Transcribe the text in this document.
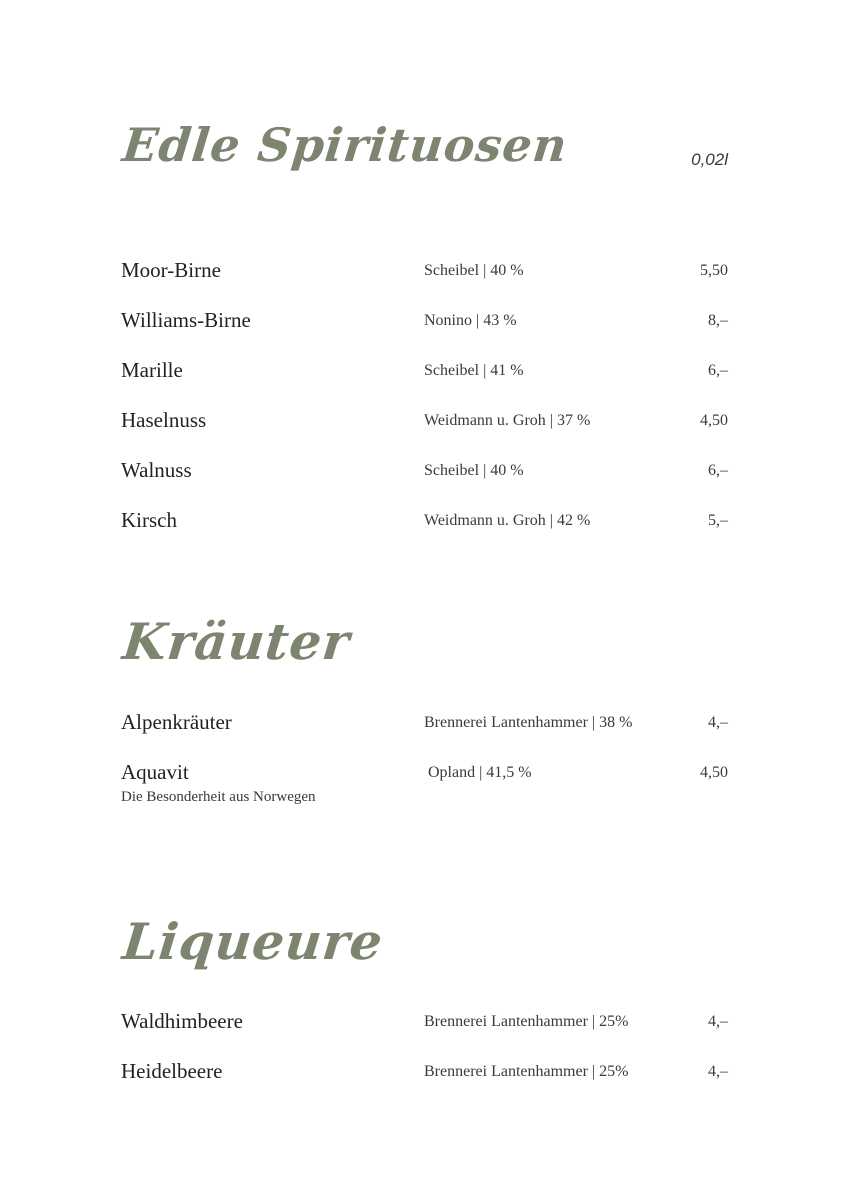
Edle Spirituosen	0,02l
Moor-Birne	Scheibel | 40 %	5,50
Williams-Birne	Nonino | 43 %	8,–
Marille	Scheibel | 41 %	6,–
Haselnuss	Weidmann u. Groh | 37 %	4,50
Walnuss	Scheibel | 40 %	6,–
Kirsch	Weidmann u. Groh | 42 %	5,–
Kräuter
Alpenkräuter	Brennerei Lantenhammer | 38 %	4,–
Aquavit	Opland | 41,5 %	4,50
Die Besonderheit aus Norwegen
Liqueure
Waldhimbeere	Brennerei Lantenhammer | 25%	4,–
Heidelbeere	Brennerei Lantenhammer | 25%	4,–
